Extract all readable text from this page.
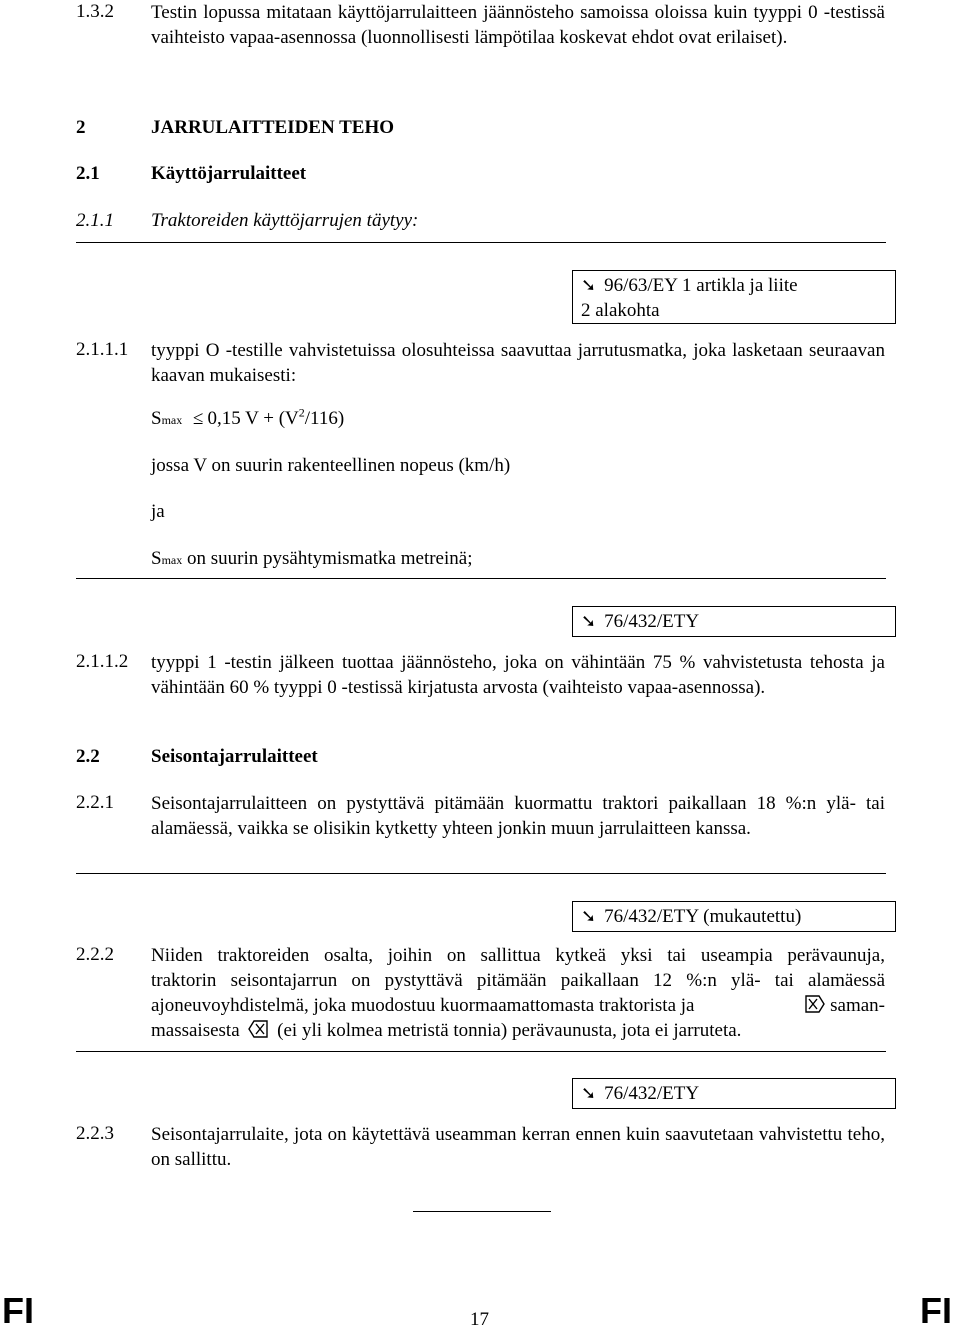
1.3.2 Testin lopussa mitataan käyttöjarrulaitteen jäännösteho samoissa oloissa kuin tyyppi 0 -testissä vaihteisto vapaa-asennossa (luonnollisesti lämpötilaa koskevat ehdot ovat erilaiset).
2	JARRULAITTEIDEN TEHO
2.1	Käyttöjarrulaitteet
2.1.1 Traktoreiden käyttöjarrujen täytyy:
➘ 96/63/EY 1 artikla ja liite
2 alakohta
2.1.1.1 tyyppi O -testille vahvistetuissa olosuhteissa saavuttaa jarrutusmatka, joka lasketaan seuraavan kaavan mukaisesti:
Smax ≤ 0,15 $V + (V^2/116)$
jossa V on suurin rakenteellinen nopeus (km/h)
ja
Smax on suurin pysähtymismatka metreinä;
➘ 76/432/ETY
2.1.1.2 tyyppi 1 -testin jälkeen tuottaa jäännösteho, joka on vähintään 75 % vahvistetusta tehosta ja vähintään 60 % tyyppi 0 -testissä kirjatusta arvosta (vaihteisto vapaa-asennossa).
2.2	Seisontajarrulaitteet
2.2.1 Seisontajarrulaitteen on pystyttävä pitämään kuormattu traktori paikallaan 18 %:n ylä- tai alamäessä, vaikka se olisikin kytketty yhteen jonkin muun jarrulaitteen kanssa.
➘ 76/432/ETY (mukautettu)
2.2.2 Niiden traktoreiden osalta, joihin on sallittua kytkeä yksi tai useampia perävaunuja,
traktorin seisontajarrun on pystyttävä pitämään paikallaan 12 %:n ylä- tai alamäessä
ajoneuvoyhdistelmä, joka muodostuu kuormaamattomasta traktorista ja	saman-
massaisesta (ei yli kolmea metristä tonnia) perävaunusta, jota ei jarruteta.
➘ 76/432/ETY
2.2.3 Seisontajarrulaite, jota on käytettävä useamman kerran ennen kuin saavutetaan vahvistettu teho, on sallittu.
FI	17	FI
